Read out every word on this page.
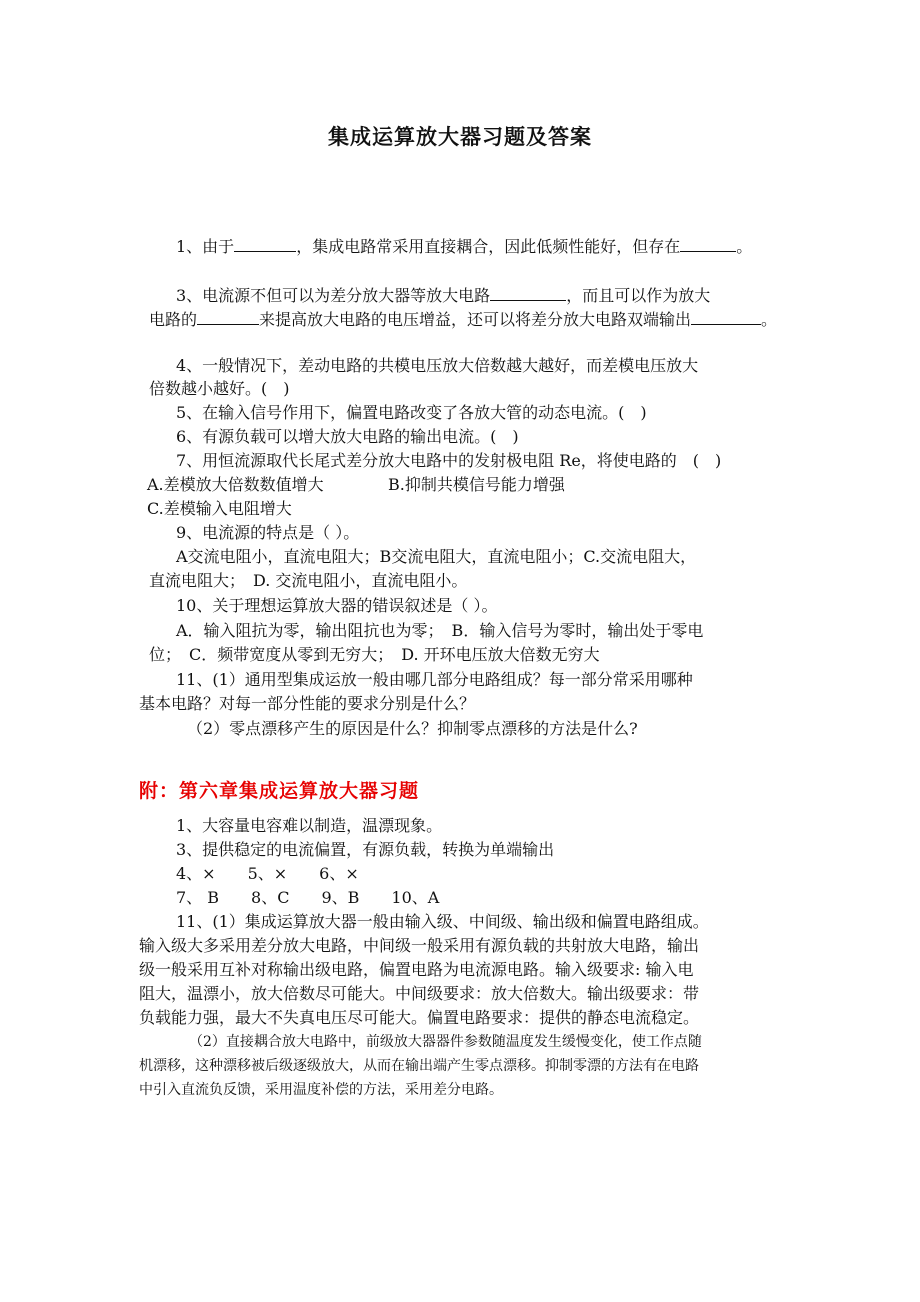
集成运算放大器习题及答案

1、由于	，集成电路常采用直接耦合，因此低频性能好，但存在	。

3、电流源不但可以为差分放大器等放大电路	，而且可以作为放大

电路的	来提高放大电路的电压增益，还可以将差分放大电路双端输出	。

4、一般情况下，差动电路的共模电压放大倍数越大越好，而差模电压放大

倍数越小越好。(　)

5、在输入信号作用下，偏置电路改变了各放大管的动态电流。(　)

6、有源负载可以增大放大电路的输出电流。(　)

7、用恒流源取代长尾式差分放大电路中的发射极电阻 Re，将使电路的　(　)

A.差模放大倍数数值增大	B.抑制共模信号能力增强

C.差模输入电阻增大

9、电流源的特点是（ ）。

A交流电阻小，直流电阻大；B交流电阻大，直流电阻小；C.交流电阻大，

直流电阻大；　D. 交流电阻小，直流电阻小。

10、关于理想运算放大器的错误叙述是（ ）。

A．输入阻抗为零，输出阻抗也为零；　B．输入信号为零时，输出处于零电

位；　C．频带宽度从零到无穷大；　D. 开环电压放大倍数无穷大

11、(1）通用型集成运放一般由哪几部分电路组成？每一部分常采用哪种

基本电路？对每一部分性能的要求分别是什么？

（2）零点漂移产生的原因是什么？抑制零点漂移的方法是什么?

附：第六章集成运算放大器习题

1、大容量电容难以制造，温漂现象。

3、提供稳定的电流偏置，有源负载，转换为单端输出

4、×　　5、×　　6、×

7、 B　　8、C　　9、B　　10、A

11、(1）集成运算放大器一般由输入级、中间级、输出级和偏置电路组成。

输入级大多采用差分放大电路，中间级一般采用有源负载的共射放大电路，输出

级一般采用互补对称输出级电路，偏置电路为电流源电路。输入级要求: 输入电

阻大，温漂小，放大倍数尽可能大。中间级要求：放大倍数大。输出级要求：带

负载能力强，最大不失真电压尽可能大。偏置电路要求：提供的静态电流稳定。

（2）直接耦合放大电路中，前级放大器器件参数随温度发生缓慢变化，使工作点随

机漂移，这种漂移被后级逐级放大，从而在输出端产生零点漂移。抑制零漂的方法有在电路

中引入直流负反馈，采用温度补偿的方法，采用差分电路。
